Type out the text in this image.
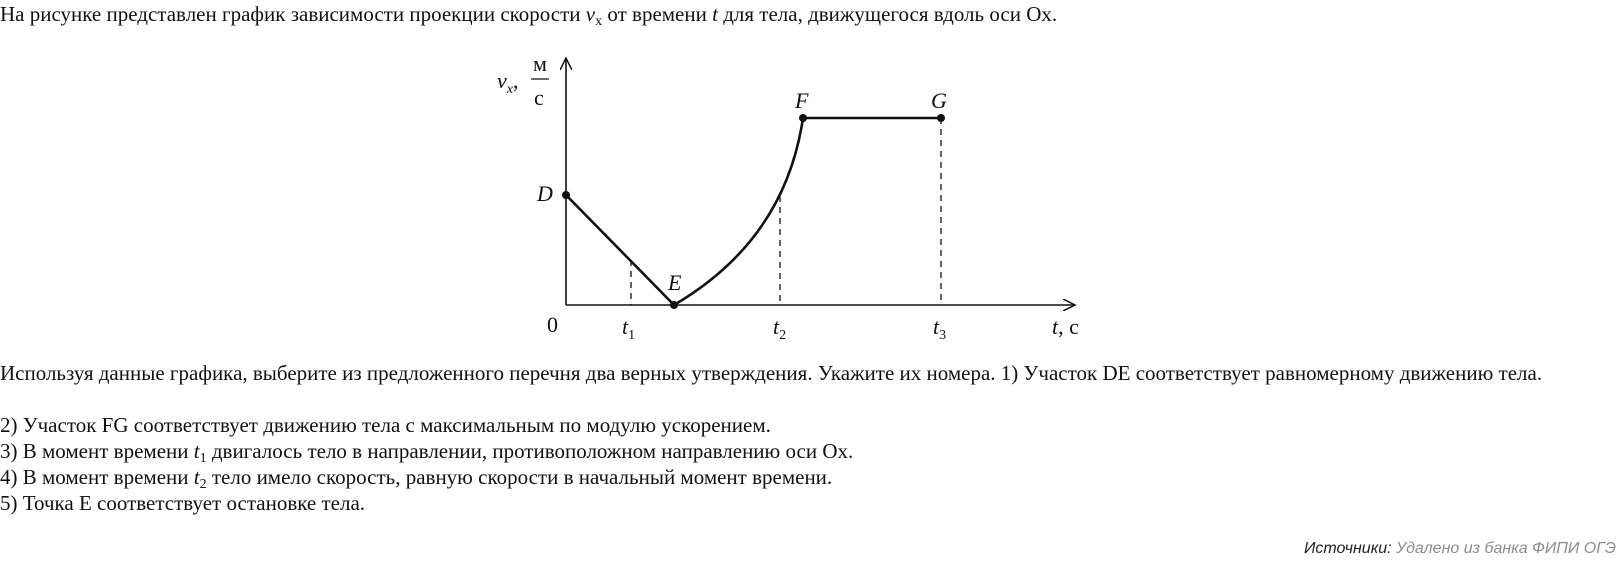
На рисунке представлен график зависимости проекции скорости $v_x$ от времени t для тела, движущегося вдоль оси Ox.
D
E
F	G
$v_x$,
м
с
0	$t_1$	$t_2$	$t_3$	t, с
Используя данные графика, выберите из предложенного перечня два верных утверждения. Укажите их номера. 1) Участок DE соответствует равномерному движению тела.
2) Участок FG соответствует движению тела с максимальным по модулю ускорением.
3) В момент времени $t_1$ двигалось тело в направлении, противоположном направлению оси Ox.
4) В момент времени $t_2$ тело имело скорость, равную скорости в начальный момент времени.
5) Точка E соответствует остановке тела.
Источники: Удалено из банка ФИПИ ОГЭ
